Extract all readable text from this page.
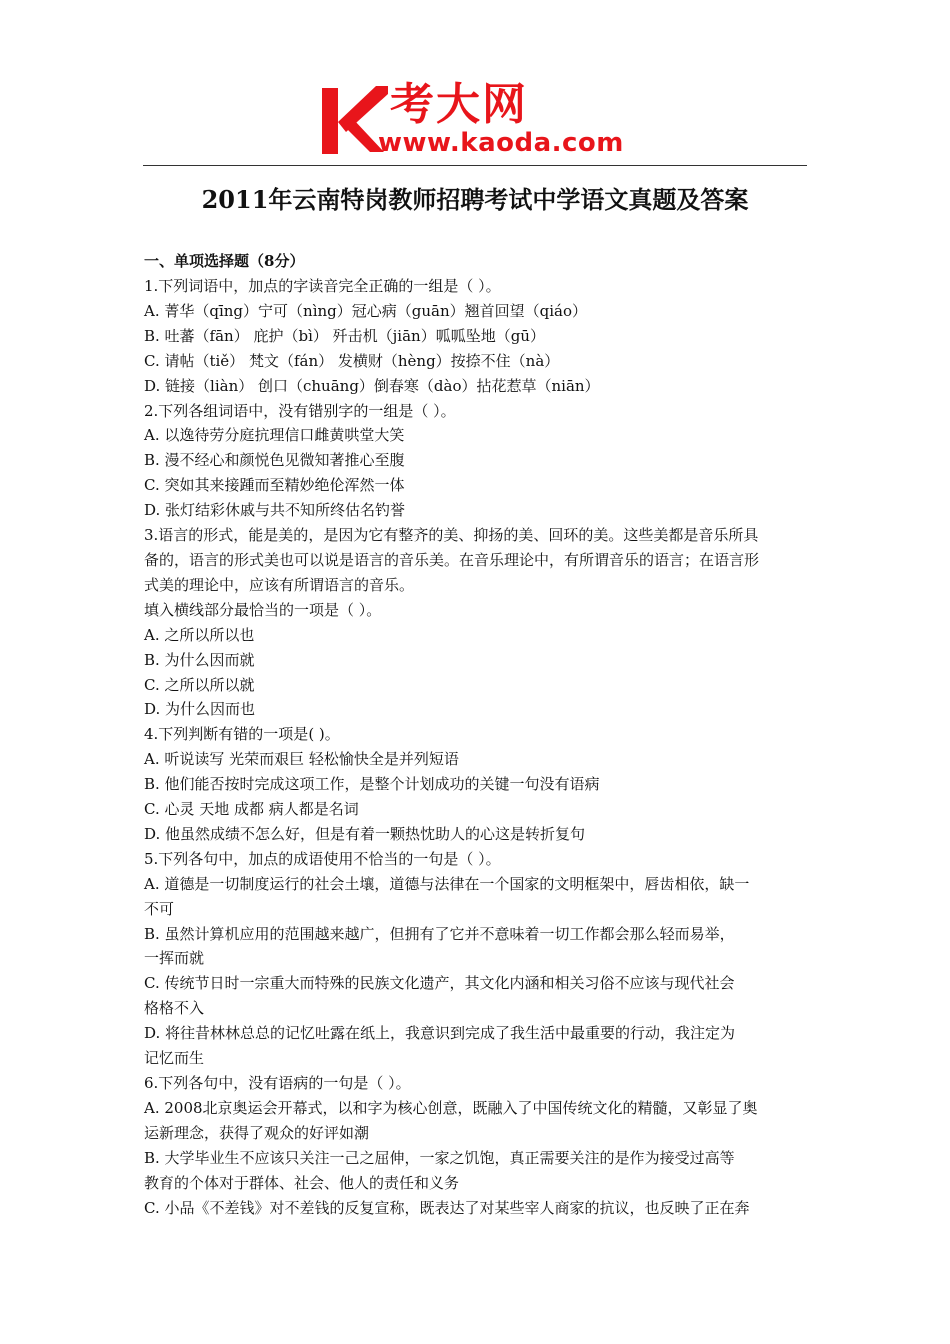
考大网
www.kaoda.com
2011年云南特岗教师招聘考试中学语文真题及答案
一、单项选择题（8分）
1.下列词语中，加点的字读音完全正确的一组是（ ）。
A. 菁华（qīng）宁可（nìng）冠心病（guān）翘首回望（qiáo）
B. 吐蕃（fān） 庇护（bì） 歼击机（jiān）呱呱坠地（gū）
C. 请帖（tiě） 梵文（fán） 发横财（hèng）按捺不住（nà）
D. 链接（liàn） 创口（chuāng）倒春寒（dào）拈花惹草（niān）
2.下列各组词语中，没有错别字的一组是（ ）。
A. 以逸待劳分庭抗理信口雌黄哄堂大笑
B. 漫不经心和颜悦色见微知著推心至腹
C. 突如其来接踵而至精妙绝伦浑然一体
D. 张灯结彩休戚与共不知所终估名钓誉
3.语言的形式，能是美的，是因为它有整齐的美、抑扬的美、回环的美。这些美都是音乐所具
备的，语言的形式美也可以说是语言的音乐美。在音乐理论中，有所谓音乐的语言；在语言形
式美的理论中，应该有所谓语言的音乐。
填入横线部分最恰当的一项是（ ）。
A. 之所以所以也
B. 为什么因而就
C. 之所以所以就
D. 为什么因而也
4.下列判断有错的一项是( )。
A. 听说读写 光荣而艰巨 轻松愉快全是并列短语
B. 他们能否按时完成这项工作，是整个计划成功的关键一句没有语病
C. 心灵 天地 成都 病人都是名词
D. 他虽然成绩不怎么好，但是有着一颗热忱助人的心这是转折复句
5.下列各句中，加点的成语使用不恰当的一句是（ ）。
A. 道德是一切制度运行的社会土壤，道德与法律在一个国家的文明框架中，唇齿相依，缺一
不可
B. 虽然计算机应用的范围越来越广，但拥有了它并不意味着一切工作都会那么轻而易举，
一挥而就
C. 传统节日时一宗重大而特殊的民族文化遗产，其文化内涵和相关习俗不应该与现代社会
格格不入
D. 将往昔林林总总的记忆吐露在纸上，我意识到完成了我生活中最重要的行动，我注定为
记忆而生
6.下列各句中，没有语病的一句是（ ）。
A. 2008北京奥运会开幕式，以和字为核心创意，既融入了中国传统文化的精髓，又彰显了奥
运新理念，获得了观众的好评如潮
B. 大学毕业生不应该只关注一己之屈伸，一家之饥饱，真正需要关注的是作为接受过高等
教育的个体对于群体、社会、他人的责任和义务
C. 小品《不差钱》对不差钱的反复宣称，既表达了对某些宰人商家的抗议，也反映了正在奔
